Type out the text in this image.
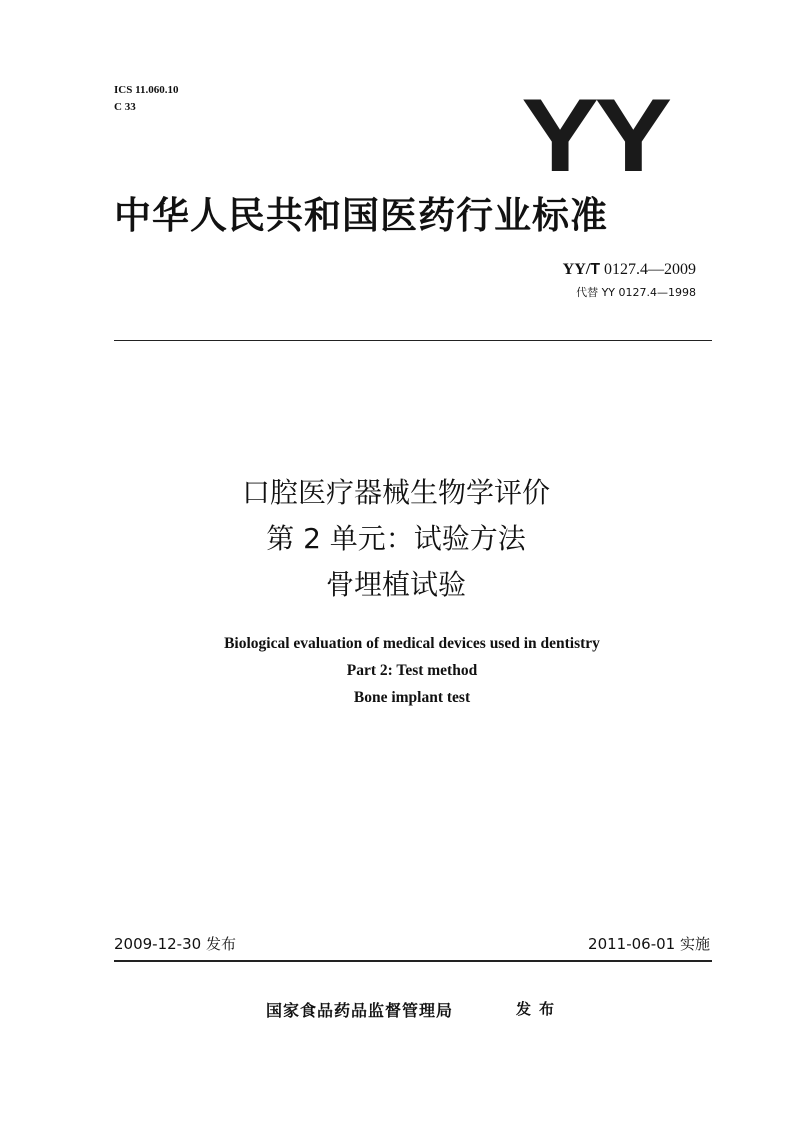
ICS 11.060.10
C 33	YY
中华人民共和国医药行业标准
YY/T 0127.4—2009
代替 YY 0127.4—1998
口腔医疗器械生物学评价
第 2 单元：试验方法
骨埋植试验
Biological evaluation of medical devices used in dentistry
Part 2: Test method
Bone implant test
2009-12-30 发布	2011-06-01 实施
国家食品药品监督管理局	发布
